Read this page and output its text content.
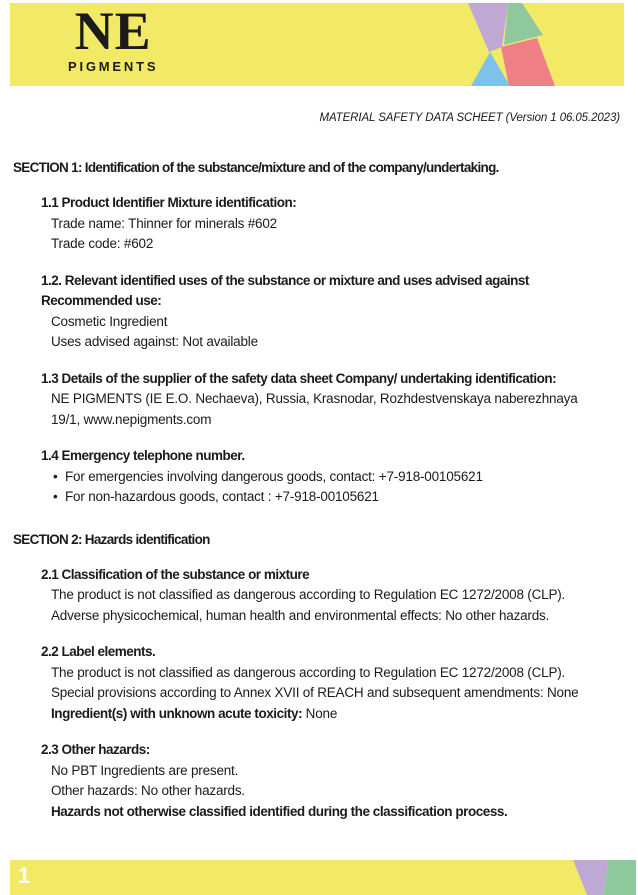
NE
PIGMENTS
MATERIAL SAFETY DATA SCHEET (Version 1 06.05.2023)
SECTION 1: Identification of the substance/mixture and of the company/undertaking.
1.1 Product Identifier Mixture identification:
Trade name: Thinner for minerals #602
Trade code: #602
1.2. Relevant identified uses of the substance or mixture and uses advised against
Recommended use:
Cosmetic Ingredient
Uses advised against: Not available
1.3 Details of the supplier of the safety data sheet Company/ undertaking identification:
NE PIGMENTS (IE E.O. Nechaeva), Russia, Krasnodar, Rozhdestvenskaya naberezhnaya
19/1, www.nepigments.com
1.4 Emergency telephone number.
• For emergencies involving dangerous goods, contact: +7-918-00105621
• For non-hazardous goods, contact : +7-918-00105621
SECTION 2: Hazards identification
2.1 Classification of the substance or mixture
The product is not classified as dangerous according to Regulation EC 1272/2008 (CLP).
Adverse physicochemical, human health and environmental effects: No other hazards.
2.2 Label elements.
The product is not classified as dangerous according to Regulation EC 1272/2008 (CLP).
Special provisions according to Annex XVII of REACH and subsequent amendments: None
Ingredient(s) with unknown acute toxicity: None
2.3 Other hazards:
No PBT Ingredients are present.
Other hazards: No other hazards.
Hazards not otherwise classified identified during the classification process.
1
